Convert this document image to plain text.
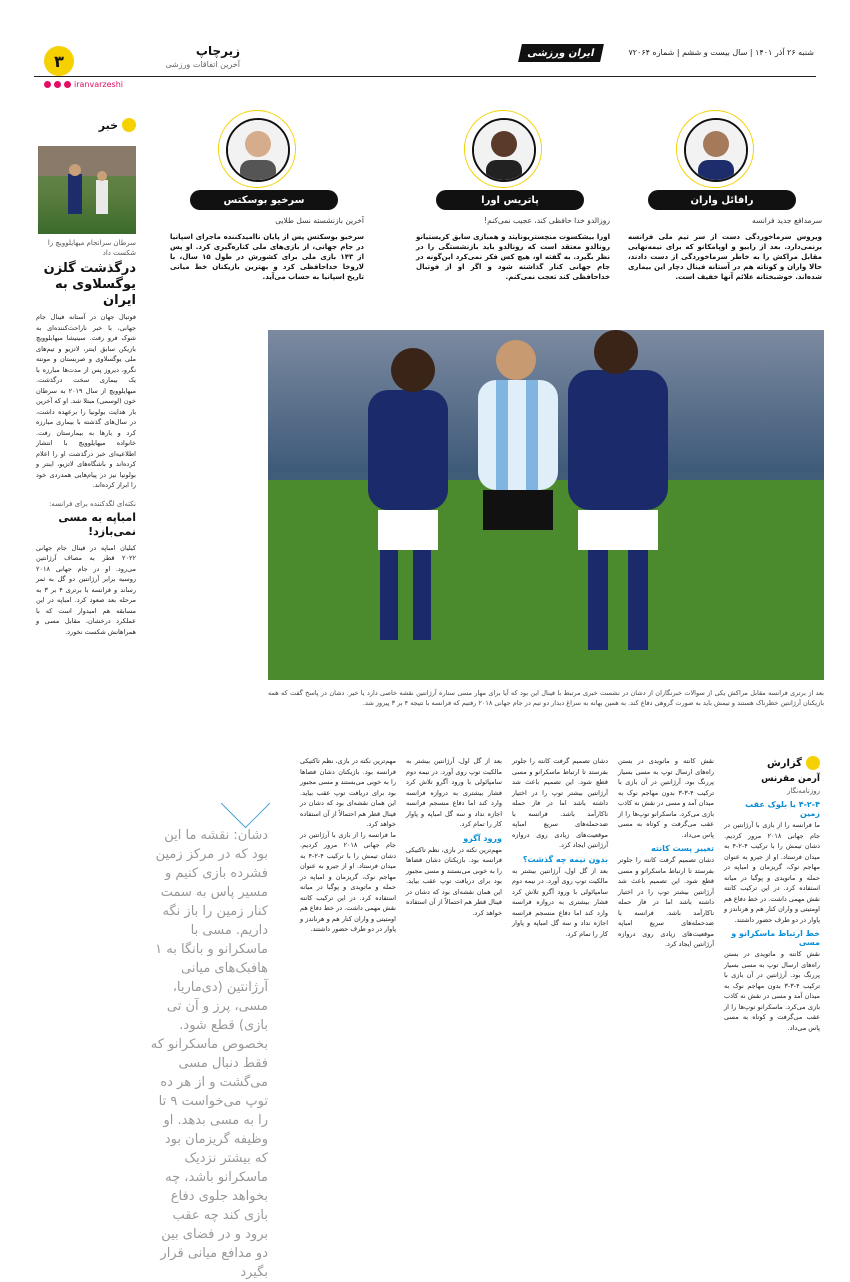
۳
زیرچاپ
آخرین اتفاقات ورزشی
ایران ورزشی	شنبه ۲۶ آذر ۱۴۰۱ | سال بیست و ششم | شماره ۷۲۰۶۴
iranvarzeshi
خبر
سرطان سرانجام میهایلوویچ را شکست داد
درگذشت گلزن یوگسلاوی به ایران
فوتبال جهان در آستانه فینال جام جهانی، با خبر ناراحت‌کننده‌ای به شوک فرو رفت. سینیشا میهایلوویچ بازیکن سابق اینتر، لاتزیو و تیم‌های ملی یوگسلاوی و صربستان و مونته نگرو، دیروز پس از مدت‌ها مبارزه با یک بیماری سخت درگذشت. میهایلوویچ از سال ۲۰۱۹ به سرطان خون (لوسمی) مبتلا شد. او که آخرین بار هدایت بولونیا را برعهده داشت، در سال‌های گذشته با بیماری مبارزه کرد و بارها به بیمارستان رفت. خانواده میهایلوویچ با انتشار اطلاعیه‌ای خبر درگذشت او را اعلام کرده‌اند و باشگاه‌های لاتزیو، اینتر و بولونیا نیز در پیام‌هایی همدردی خود را ابراز کرده‌اند.
نکته‌ای لگدکننده برای فرانسه:
امباپه به مسی نمی‌بازد!
کیلیان امباپه در فینال جام جهانی ۲۰۲۲ قطر به مصاف آرژانتین می‌رود. او در جام جهانی ۲۰۱۸ روسیه برابر آرژانتین دو گل به ثمر رساند و فرانسه با برتری ۴ بر ۳ به مرحله بعد صعود کرد. امباپه در این مسابقه هم امیدوار است که با عملکرد درخشان، مقابل مسی و همراهانش شکست نخورد.
رافائل واران
سرمدافع جدید فرانسه
ویروس سرماخوردگی دست از سر تیم ملی فرانسه برنمی‌دارد. بعد از رابیو و اوپامکانو که برای نیمه‌نهایی مقابل مراکش را به خاطر سرماخوردگی از دست دادند، حالا واران و کوناته هم در آستانه فینال دچار این بیماری شده‌اند. خوشبختانه علائم آنها خفیف است.
پاتریس اورا
روزالدو خدا حافظی کند، عجیب نمی‌کنم!
اورا بیشکسوت منچستریونایتد و همبازی سابق کریستیانو رونالدو معتقد است که رونالدو باید بازنشستگی را در نظر بگیرد. به گفته او، هیچ کس فکر نمی‌کرد این‌گونه در جام جهانی کنار گذاشته شود و اگر او از فوتبال خداحافظی کند تعجب نمی‌کنم.
سرخیو بوسکتس
آخرین بازنشسته نسل طلایی
سرخیو بوسکتس پس از پایان ناامیدکننده ماجرای اسپانیا در جام جهانی، از بازی‌های ملی کناره‌گیری کرد. او پس از ۱۴۳ بازی ملی برای کشورش در طول ۱۵ سال، با لاروخا خداحافظی کرد و بهترین بازیکنان خط میانی تاریخ اسپانیا به حساب می‌آید.
بعد از برتری فرانسه مقابل مراکش یکی از سوالات خبرنگاران از دشان در نشست خبری مرتبط با فینال این بود که آیا برای مهار مسی ستاره آرژانتین نقشه خاصی دارد یا خیر. دشان در پاسخ گفت که همه بازیکنان آرژانتین خطرناک هستند و تیمش باید به صورت گروهی دفاع کند. به همین بهانه به سراغ دیدار دو تیم در جام جهانی ۲۰۱۸ رفتیم که فرانسه با نتیجه ۴ بر ۳ پیروز شد.
گزارش
آرمن مقرنس
روزنامه‌نگار
۴-۲-۴ یا بلوک عقب زمین
ما فرانسه را از بازی با آرژانتین در جام جهانی ۲۰۱۸ مرور کردیم. دشان تیمش را با ترکیب ۴-۲-۴ به میدان فرستاد. او از جیرو به عنوان مهاجم نوک، گریزمان و امباپه در حمله و ماتویدی و پوگبا در میانه استفاده کرد. در این ترکیب کانته نقش مهمی داشت. در خط دفاع هم اومتیتی و واران کنار هم و هرناندز و پاوار در دو طرف حضور داشتند.
خط ارتباط ماسکرانو و مسی
نقش کانته و ماتویدی در بستن راه‌های ارسال توپ به مسی بسیار پررنگ بود. آرژانتین در آن بازی با ترکیب ۴-۳-۳ بدون مهاجم نوک به میدان آمد و مسی در نقش نه کاذب بازی می‌کرد. ماسکرانو توپ‌ها را از عقب می‌گرفت و کوتاه به مسی پاس می‌داد.
نقش کانته و ماتویدی در بستن راه‌های ارسال توپ به مسی بسیار پررنگ بود. آرژانتین در آن بازی با ترکیب ۴-۳-۳ بدون مهاجم نوک به میدان آمد و مسی در نقش نه کاذب بازی می‌کرد. ماسکرانو توپ‌ها را از عقب می‌گرفت و کوتاه به مسی پاس می‌داد.
تغییر پست کانته
دشان تصمیم گرفت کانته را جلوتر بفرستد تا ارتباط ماسکرانو و مسی قطع شود. این تصمیم باعث شد آرژانتین بیشتر توپ را در اختیار داشته باشد اما در فاز حمله ناکارآمد باشد. فرانسه با ضدحمله‌های سریع امباپه موقعیت‌های زیادی روی دروازه آرژانتین ایجاد کرد.
دشان تصمیم گرفت کانته را جلوتر بفرستد تا ارتباط ماسکرانو و مسی قطع شود. این تصمیم باعث شد آرژانتین بیشتر توپ را در اختیار داشته باشد اما در فاز حمله ناکارآمد باشد. فرانسه با ضدحمله‌های سریع امباپه موقعیت‌های زیادی روی دروازه آرژانتین ایجاد کرد.
بدون نیمه چه گذشت؟
بعد از گل اول، آرژانتین بیشتر به مالکیت توپ روی آورد. در نیمه دوم سامپائولی با ورود آگرو تلاش کرد فشار بیشتری به دروازه فرانسه وارد کند اما دفاع منسجم فرانسه اجازه نداد و سه گل امباپه و پاوار کار را تمام کرد.
بعد از گل اول، آرژانتین بیشتر به مالکیت توپ روی آورد. در نیمه دوم سامپائولی با ورود آگرو تلاش کرد فشار بیشتری به دروازه فرانسه وارد کند اما دفاع منسجم فرانسه اجازه نداد و سه گل امباپه و پاوار کار را تمام کرد.
ورود آگرو
مهم‌ترین نکته در بازی، نظم تاکتیکی فرانسه بود. بازیکنان دشان فضاها را به خوبی می‌بستند و مسی مجبور بود برای دریافت توپ عقب بیاید. این همان نقشه‌ای بود که دشان در فینال قطر هم احتمالاً از آن استفاده خواهد کرد.
مهم‌ترین نکته در بازی، نظم تاکتیکی فرانسه بود. بازیکنان دشان فضاها را به خوبی می‌بستند و مسی مجبور بود برای دریافت توپ عقب بیاید. این همان نقشه‌ای بود که دشان در فینال قطر هم احتمالاً از آن استفاده خواهد کرد.
ما فرانسه را از بازی با آرژانتین در جام جهانی ۲۰۱۸ مرور کردیم. دشان تیمش را با ترکیب ۴-۲-۴ به میدان فرستاد. او از جیرو به عنوان مهاجم نوک، گریزمان و امباپه در حمله و ماتویدی و پوگبا در میانه استفاده کرد. در این ترکیب کانته نقش مهمی داشت. در خط دفاع هم اومتیتی و واران کنار هم و هرناندز و پاوار در دو طرف حضور داشتند.
دشان: نقشه ما این بود که در مرکز زمین فشرده بازی کنیم و مسیر پاس به سمت کنار زمین را باز نگه داریم. مسی با ماسکرانو و بانگا به ۱ هافبک‌های میانی آرژانتین (دی‌ماریا، مسی، پرز و آن تی بازی) قطع شود. بخصوص ماسکرانو که فقط دنبال مسی می‌گشت و از هر ده توپ می‌خواست ۹ تا را به مسی بدهد. او وظیفه گریزمان بود که بیشتر نزدیک ماسکرانو باشد، چه بخواهد جلوی دفاع بازی کند چه عقب برود و در فضای بین دو مدافع میانی قرار بگیرد
